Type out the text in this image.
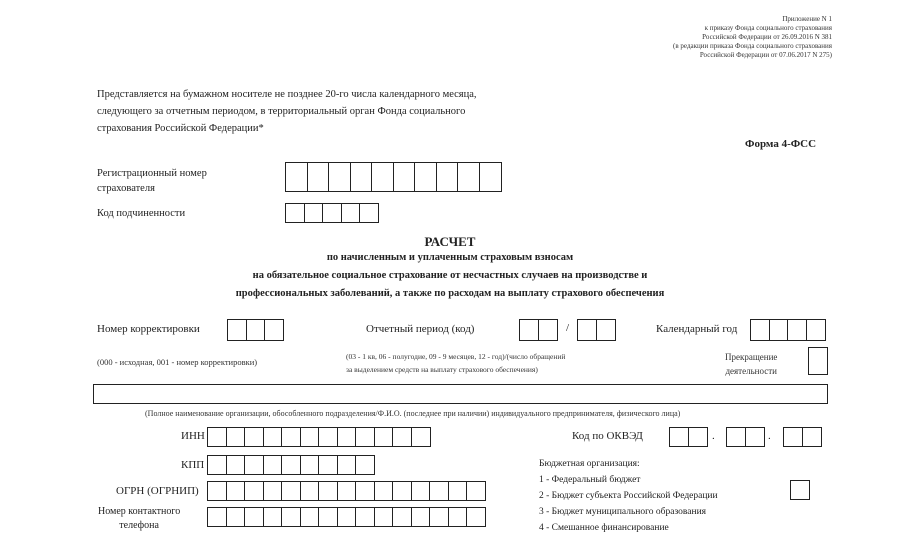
Приложение N 1
к приказу Фонда социального страхования
Российской Федерации от 26.09.2016 N 381
(в редакции приказа Фонда социального страхования
Российской Федерации от 07.06.2017 N 275)
Представляется на бумажном носителе не позднее 20-го числа календарного месяца,
следующего за отчетным периодом, в территориальный орган Фонда социального
страхования Российской Федерации*
Форма 4-ФСС
Регистрационный номер
страхователя
Код подчиненности
РАСЧЕТ
по начисленным и уплаченным страховым взносам
на обязательное социальное страхование от несчастных случаев на производстве и
профессиональных заболеваний, а также по расходам на выплату страхового обеспечения
Номер корректировки
(000 - исходная, 001 - номер корректировки)
Отчетный период (код)	/
(03 - 1 кв, 06 - полугодие, 09 - 9 месяцев, 12 - год)/(число обращений
за выделением средств на выплату страхового обеспечения)
Календарный год
Прекращение
деятельности
(Полное наименование организации, обособленного подразделения/Ф.И.О. (последнее при наличии) индивидуального предпринимателя, физического лица)
ИНН
КПП
ОГРН (ОГРНИП)
Номер контактного
телефона
Код по ОКВЭД	.	.
Бюджетная организация:
1 - Федеральный бюджет
2 - Бюджет субъекта Российской Федерации
3 - Бюджет муниципального образования
4 - Смешанное финансирование
